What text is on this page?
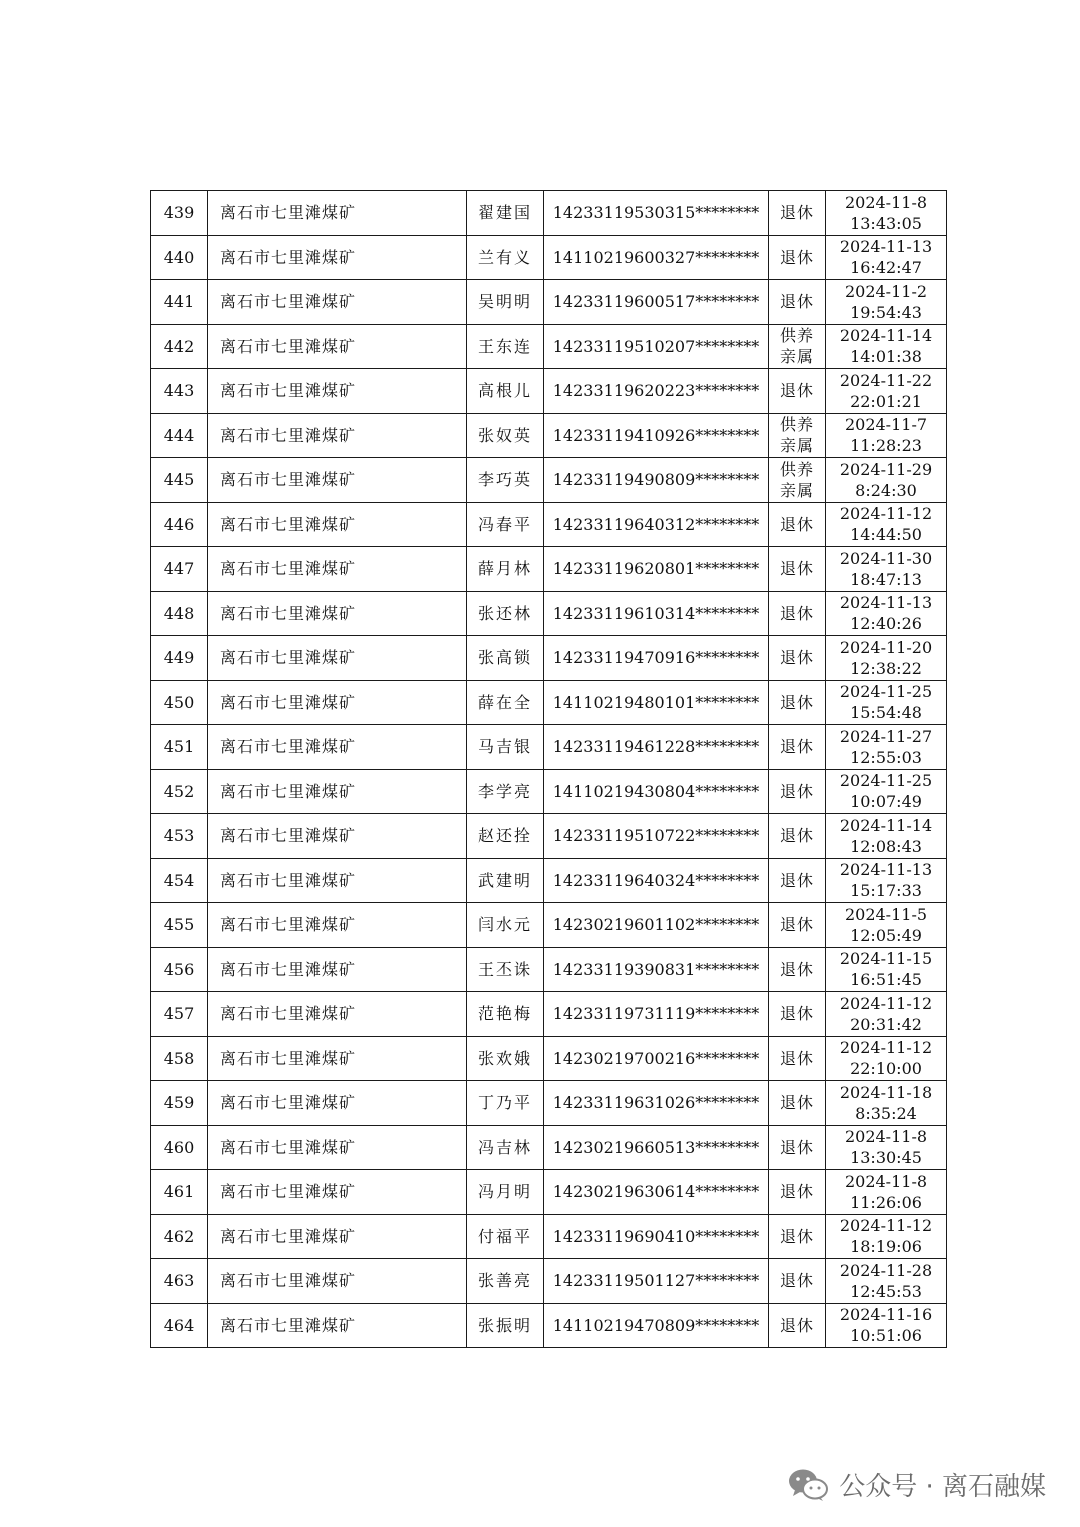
439	离石市七里滩煤矿	翟建国	14233119530315********	退休	2024-11-8
13:43:05

440	离石市七里滩煤矿	兰有义	14110219600327********	退休	2024-11-13
16:42:47

441	离石市七里滩煤矿	吴明明	14233119600517********	退休	2024-11-2
19:54:43

442	离石市七里滩煤矿	王东连	14233119510207********	供养
亲属	2024-11-14
14:01:38

443	离石市七里滩煤矿	高根儿	14233119620223********	退休	2024-11-22
22:01:21

444	离石市七里滩煤矿	张奴英	14233119410926********	供养
亲属	2024-11-7
11:28:23

445	离石市七里滩煤矿	李巧英	14233119490809********	供养
亲属	2024-11-29
8:24:30

446	离石市七里滩煤矿	冯春平	14233119640312********	退休	2024-11-12
14:44:50

447	离石市七里滩煤矿	薛月林	14233119620801********	退休	2024-11-30
18:47:13

448	离石市七里滩煤矿	张还林	14233119610314********	退休	2024-11-13
12:40:26

449	离石市七里滩煤矿	张高锁	14233119470916********	退休	2024-11-20
12:38:22

450	离石市七里滩煤矿	薛在全	14110219480101********	退休	2024-11-25
15:54:48

451	离石市七里滩煤矿	马吉银	14233119461228********	退休	2024-11-27
12:55:03

452	离石市七里滩煤矿	李学亮	14110219430804********	退休	2024-11-25
10:07:49

453	离石市七里滩煤矿	赵还拴	14233119510722********	退休	2024-11-14
12:08:43

454	离石市七里滩煤矿	武建明	14233119640324********	退休	2024-11-13
15:17:33

455	离石市七里滩煤矿	闫水元	14230219601102********	退休	2024-11-5
12:05:49

456	离石市七里滩煤矿	王丕诛	14233119390831********	退休	2024-11-15
16:51:45

457	离石市七里滩煤矿	范艳梅	14233119731119********	退休	2024-11-12
20:31:42

458	离石市七里滩煤矿	张欢娥	14230219700216********	退休	2024-11-12
22:10:00

459	离石市七里滩煤矿	丁乃平	14233119631026********	退休	2024-11-18
8:35:24

460	离石市七里滩煤矿	冯吉林	14230219660513********	退休	2024-11-8
13:30:45

461	离石市七里滩煤矿	冯月明	14230219630614********	退休	2024-11-8
11:26:06

462	离石市七里滩煤矿	付福平	14233119690410********	退休	2024-11-12
18:19:06

463	离石市七里滩煤矿	张善亮	14233119501127********	退休	2024-11-28
12:45:53

464	离石市七里滩煤矿	张振明	14110219470809********	退休	2024-11-16
10:51:06
公众号 · 离石融媒
